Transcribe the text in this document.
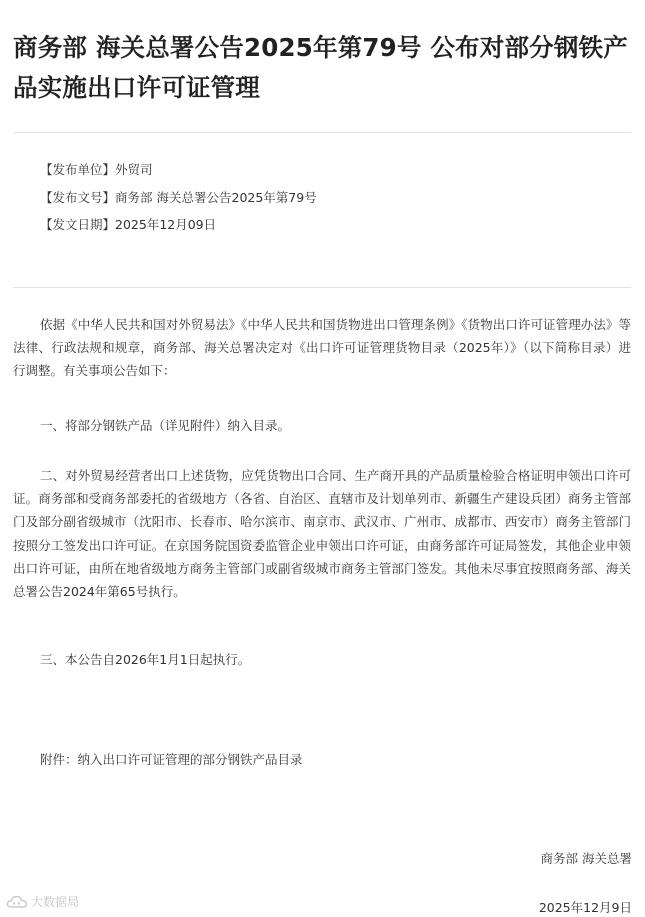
商务部 海关总署公告2025年第79号 公布对部分钢铁产品实施出口许可证管理
【发布单位】外贸司
【发布文号】商务部 海关总署公告2025年第79号
【发文日期】2025年12月09日

依据《中华人民共和国对外贸易法》《中华人民共和国货物进出口管理条例》《货物出口许可证管理办法》等法律、行政法规和规章，商务部、海关总署决定对《出口许可证管理货物目录（2025年）》（以下简称目录）进行调整。有关事项公告如下：

一、将部分钢铁产品（详见附件）纳入目录。

二、对外贸易经营者出口上述货物，应凭货物出口合同、生产商开具的产品质量检验合格证明申领出口许可证。商务部和受商务部委托的省级地方（各省、自治区、直辖市及计划单列市、新疆生产建设兵团）商务主管部门及部分副省级城市（沈阳市、长春市、哈尔滨市、南京市、武汉市、广州市、成都市、西安市）商务主管部门按照分工签发出口许可证。在京国务院国资委监管企业申领出口许可证，由商务部许可证局签发，其他企业申领出口许可证，由所在地省级地方商务主管部门或副省级城市商务主管部门签发。其他未尽事宜按照商务部、海关总署公告2024年第65号执行。

三、本公告自2026年1月1日起执行。

附件：纳入出口许可证管理的部分钢铁产品目录

商务部 海关总署
2025年12月9日
大数据局
